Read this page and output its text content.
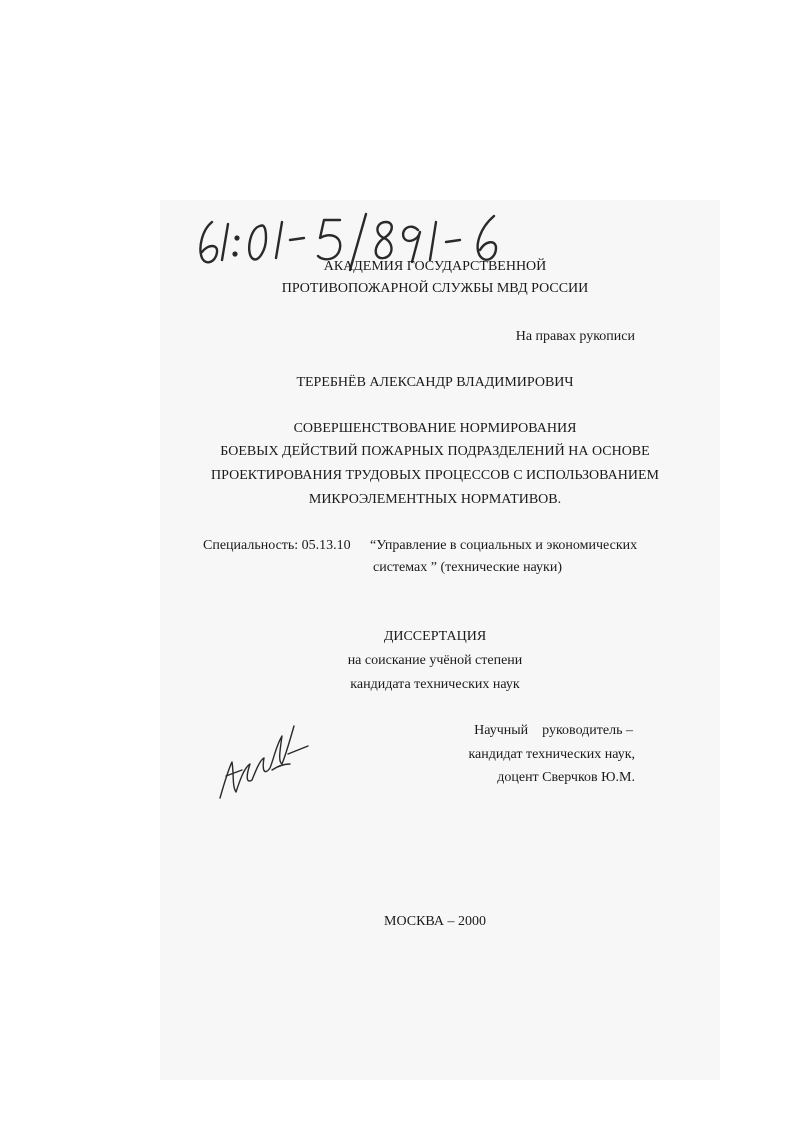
АКАДЕМИЯ ГОСУДАРСТВЕННОЙ
ПРОТИВОПОЖАРНОЙ СЛУЖБЫ МВД РОССИИ
На правах рукописи
ТЕРЕБНЁВ АЛЕКСАНДР ВЛАДИМИРОВИЧ
СОВЕРШЕНСТВОВАНИЕ НОРМИРОВАНИЯ
БОЕВЫХ ДЕЙСТВИЙ ПОЖАРНЫХ ПОДРАЗДЕЛЕНИЙ НА ОСНОВЕ
ПРОЕКТИРОВАНИЯ ТРУДОВЫХ ПРОЦЕССОВ С ИСПОЛЬЗОВАНИЕМ
МИКРОЭЛЕМЕНТНЫХ НОРМАТИВОВ.
Специальность: 05.13.10 “Управление в социальных и экономических
системах ” (технические науки)
ДИССЕРТАЦИЯ
на соискание учёной степени
кандидата технических наук
Научный    руководитель –
кандидат технических наук,
доцент Сверчков Ю.М.
МОСКВА – 2000
